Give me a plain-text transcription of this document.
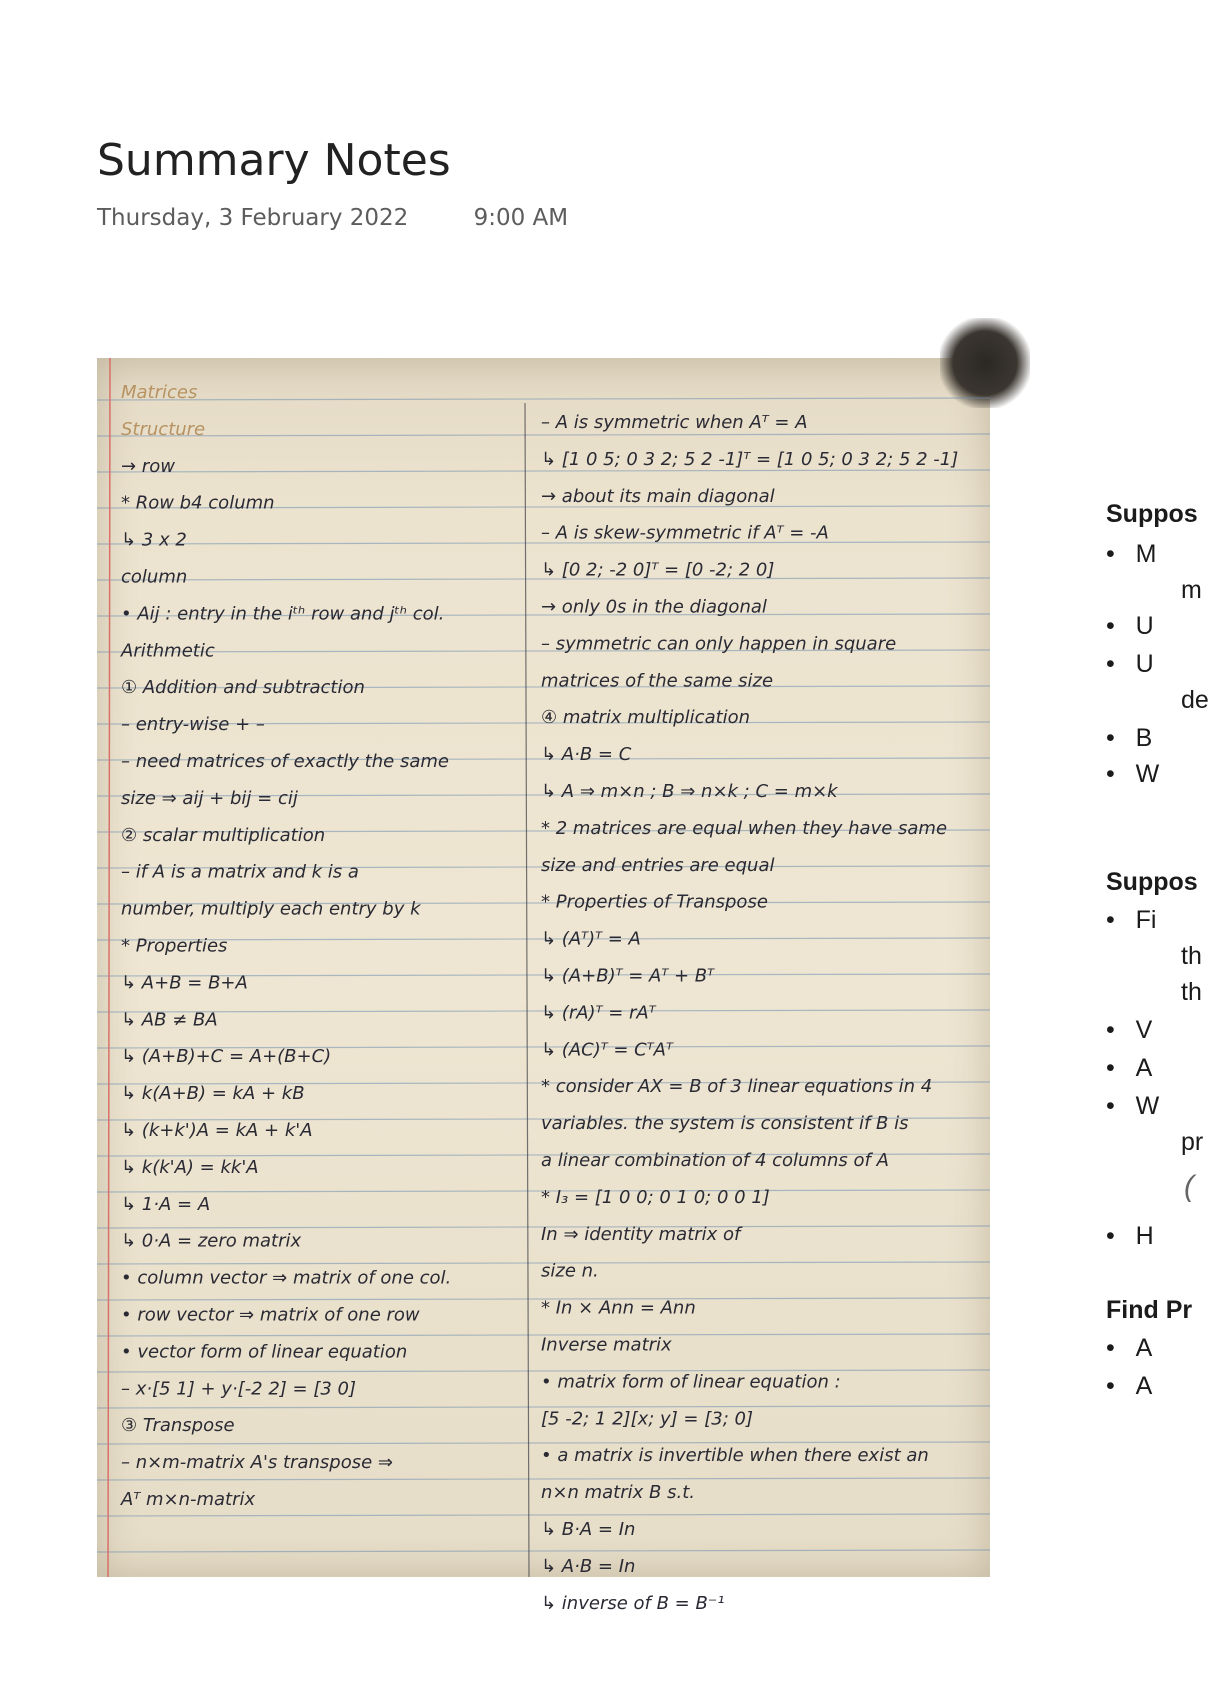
Summary Notes
Thursday, 3 February 2022	9:00 AM
Matrices
Structure
→ row
* Row b4 column
↳ 3 x 2
column
• Aij : entry in the iᵗʰ row and jᵗʰ col.
Arithmetic
① Addition and subtraction
– entry-wise + –
– need matrices of exactly the same
size ⇒ aij + bij = cij
② scalar multiplication
– if A is a matrix and k is a
number, multiply each entry by k
* Properties
↳ A+B = B+A
↳ AB ≠ BA
↳ (A+B)+C = A+(B+C)
↳ k(A+B) = kA + kB
↳ (k+k')A = kA + k'A
↳ k(k'A) = kk'A
↳ 1·A = A
↳ 0·A = zero matrix
• column vector ⇒ matrix of one col.
• row vector ⇒ matrix of one row
• vector form of linear equation
– x·[5 1] + y·[-2 2] = [3 0]
③ Transpose
– n×m-matrix A's transpose ⇒
Aᵀ m×n-matrix
– A is symmetric when Aᵀ = A
↳ [1 0 5; 0 3 2; 5 2 -1]ᵀ = [1 0 5; 0 3 2; 5 2 -1]
→ about its main diagonal
– A is skew-symmetric if Aᵀ = -A
↳ [0 2; -2 0]ᵀ = [0 -2; 2 0]
→ only 0s in the diagonal
– symmetric can only happen in square
matrices of the same size
④ matrix multiplication
↳ A·B = C
↳ A ⇒ m×n ; B ⇒ n×k ; C = m×k
* 2 matrices are equal when they have same
size and entries are equal
* Properties of Transpose
↳ (Aᵀ)ᵀ = A
↳ (A+B)ᵀ = Aᵀ + Bᵀ
↳ (rA)ᵀ = rAᵀ
↳ (AC)ᵀ = CᵀAᵀ
* consider AX = B of 3 linear equations in 4
variables. the system is consistent if B is
a linear combination of 4 columns of A
* I₃ = [1 0 0; 0 1 0; 0 0 1]
In ⇒ identity matrix of
size n.
* In × Ann = Ann
Inverse matrix
• matrix form of linear equation :
[5 -2; 1 2][x; y] = [3; 0]
• a matrix is invertible when there exist an
n×n matrix B s.t.
↳ B·A = In
↳ A·B = In
↳ inverse of B = B⁻¹
Suppos
•   M
m
•   U
•   U
de
•   B
•   W
Suppos
•   Fi
th
th
•   V
•   A
•   W
pr
(
•   H
Find Pr
•   A
•   A
